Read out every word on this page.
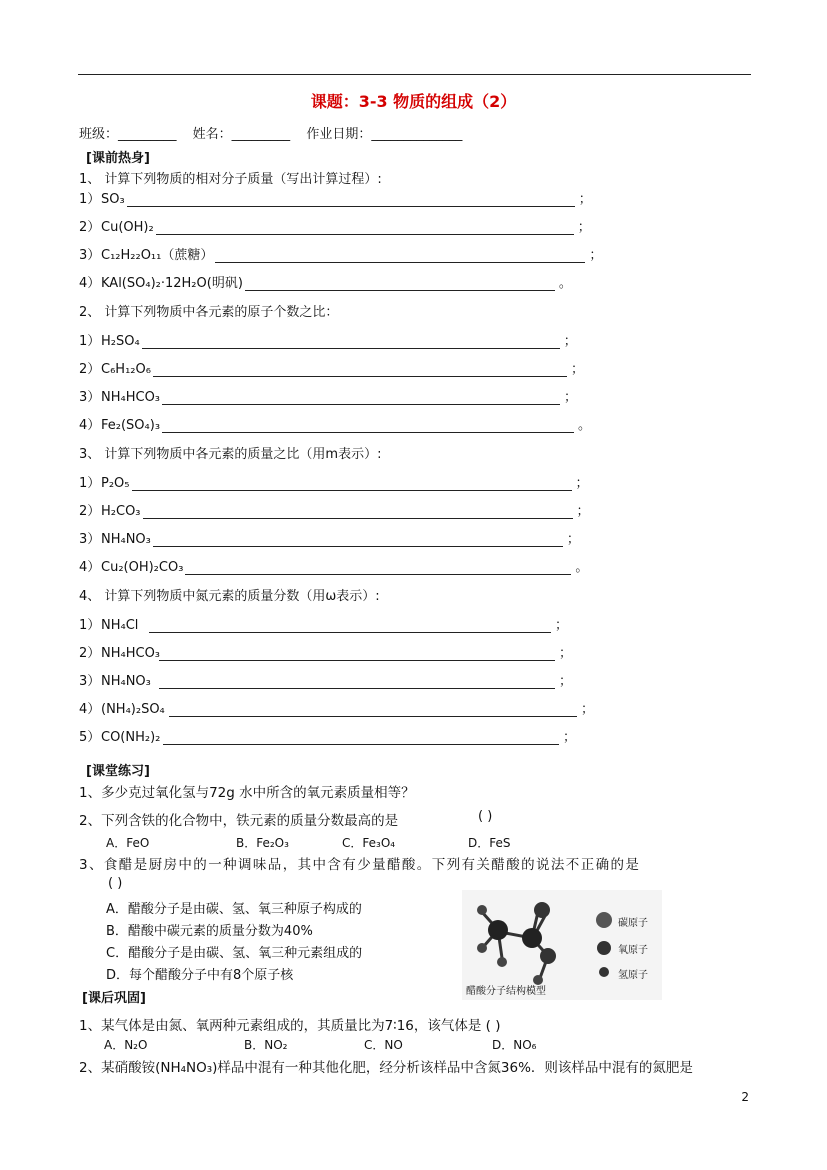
课题：3-3 物质的组成（2）
班级：_________ 姓名：_________ 作业日期：______________
[课前热身]
1、 计算下列物质的相对分子质量（写出计算过程）:
1） SO₃	；
2） Cu(OH)₂	；
3） C₁₂H₂₂O₁₁（蔗糖）	；
4） KAl(SO₄)₂·12H₂O(明矾)	。
2、 计算下列物质中各元素的原子个数之比：
1） H₂SO₄	；
2） C₆H₁₂O₆	；
3） NH₄HCO₃	；
4） Fe₂(SO₄)₃	。
3、 计算下列物质中各元素的质量之比（用m表示）:
1） P₂O₅	；
2） H₂CO₃	；
3） NH₄NO₃	；
4） Cu₂(OH)₂CO₃	。
4、 计算下列物质中氮元素的质量分数（用ω表示）:
1） NH₄Cl	；
2） NH₄HCO₃	；
3） NH₄NO₃	；
4） (NH₄)₂SO₄	；
5） CO(NH₂)₂	；
[课堂练习]
1、多少克过氧化氢与72g 水中所含的氧元素质量相等？
2、下列含铁的化合物中，铁元素的质量分数最高的是	( )
A．FeO	B．Fe₂O₃	C．Fe₃O₄	D．FeS
3、食醋是厨房中的一种调味品，其中含有少量醋酸。下列有关醋酸的说法不正确的是
( )
A．醋酸分子是由碳、氢、氧三种原子构成的
B．醋酸中碳元素的质量分数为40%
C．醋酸分子是由碳、氢、氧三种元素组成的
D．每个醋酸分子中有8个原子核
碳原子
氧原子
氢原子
醋酸分子结构模型
[课后巩固]
1、某气体是由氮、氧两种元素组成的，其质量比为7∶16，该气体是 ( )
A．N₂O	B．NO₂	C．NO	D．NO₆
2、某硝酸铵(NH₄NO₃)样品中混有一种其他化肥，经分析该样品中含氮36%．则该样品中混有的氮肥是
2
